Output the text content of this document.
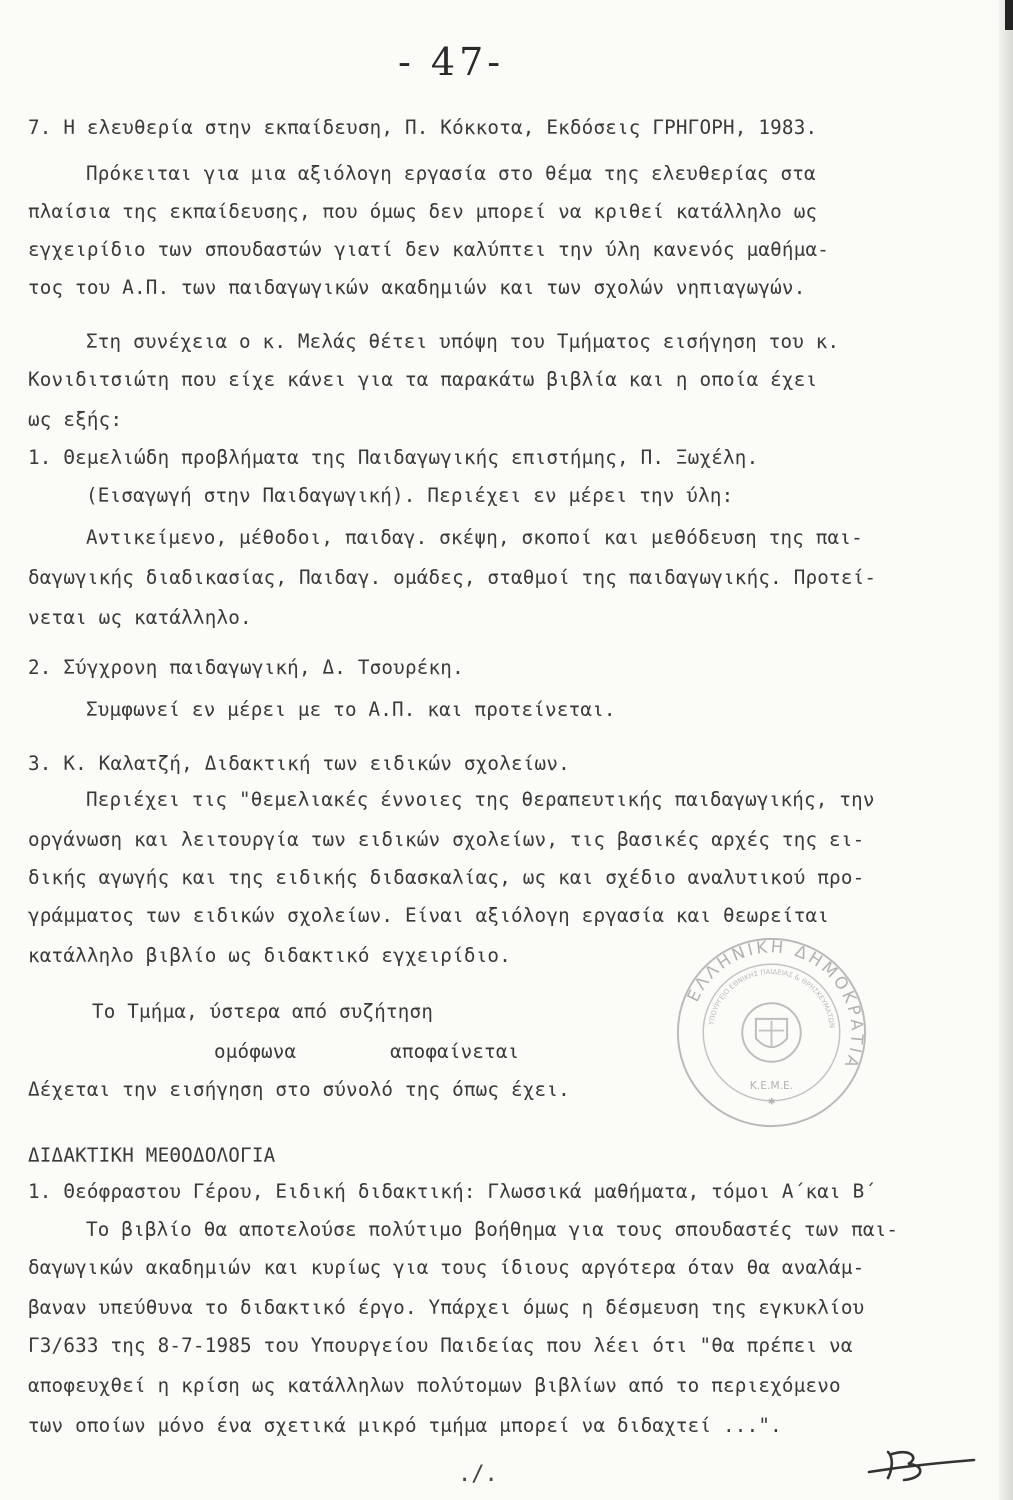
- 47-
7. Η ελευθερία στην εκπαίδευση, Π. Κόκκοτα, Εκδόσεις ΓΡΗΓΟΡΗ, 1983.
Πρόκειται για μια αξιόλογη εργασία στο θέμα της ελευθερίας στα
πλαίσια της εκπαίδευσης, που όμως δεν μπορεί να κριθεί κατάλληλο ως
εγχειρίδιο των σπουδαστών γιατί δεν καλύπτει την ύλη κανενός μαθήμα-
τος του Α.Π. των παιδαγωγικών ακαδημιών και των σχολών νηπιαγωγών.
Στη συνέχεια ο κ. Μελάς θέτει υπόψη του Τμήματος εισήγηση του κ.
Κονιδιτσιώτη που είχε κάνει για τα παρακάτω βιβλία και η οποία έχει
ως εξής:
1. Θεμελιώδη προβλήματα της Παιδαγωγικής επιστήμης, Π. Ξωχέλη.
(Εισαγωγή στην Παιδαγωγική). Περιέχει εν μέρει την ύλη:
Αντικείμενο, μέθοδοι, παιδαγ. σκέψη, σκοποί και μεθόδευση της παι-
δαγωγικής διαδικασίας, Παιδαγ. ομάδες, σταθμοί της παιδαγωγικής. Προτεί-
νεται ως κατάλληλο.
2. Σύγχρονη παιδαγωγική, Δ. Τσουρέκη.
Συμφωνεί εν μέρει με το Α.Π. και προτείνεται.
3. Κ. Καλατζή, Διδακτική των ειδικών σχολείων.
Περιέχει τις "θεμελιακές έννοιες της θεραπευτικής παιδαγωγικής, την
οργάνωση και λειτουργία των ειδικών σχολείων, τις βασικές αρχές της ει-
δικής αγωγής και της ειδικής διδασκαλίας, ως και σχέδιο αναλυτικού προ-
γράμματος των ειδικών σχολείων. Είναι αξιόλογη εργασία και θεωρείται
κατάλληλο βιβλίο ως διδακτικό εγχειρίδιο.
Το Τμήμα, ύστερα από συζήτηση
ομόφωνα        αποφαίνεται
Δέχεται την εισήγηση στο σύνολό της όπως έχει.
ΔΙΔΑΚΤΙΚΗ ΜΕΘΟΔΟΛΟΓΙΑ
1. Θεόφραστου Γέρου, Ειδική διδακτική: Γλωσσικά μαθήματα, τόμοι Α΄και Β΄
Το βιβλίο θα αποτελούσε πολύτιμο βοήθημα για τους σπουδαστές των παι-
δαγωγικών ακαδημιών και κυρίως για τους ίδιους αργότερα όταν θα αναλάμ-
βαναν υπεύθυνα το διδακτικό έργο. Υπάρχει όμως η δέσμευση της εγκυκλίου
Γ3/633 της 8-7-1985 του Υπουργείου Παιδείας που λέει ότι "θα πρέπει να
αποφευχθεί η κρίση ως κατάλληλων πολύτομων βιβλίων από το περιεχόμενο
των οποίων μόνο ένα σχετικά μικρό τμήμα μπορεί να διδαχτεί ...".
ΕΛΛΗΝΙΚΗ ΔΗΜΟΚΡΑΤΙΑ
ΥΠΟΥΡΓΕΙΟ ΕΘΝΙΚΗΣ ΠΑΙΔΕΙΑΣ & ΘΡΗΣΚΕΥΜΑΤΩΝ
Κ.Ε.Μ.Ε.
✱
./.
